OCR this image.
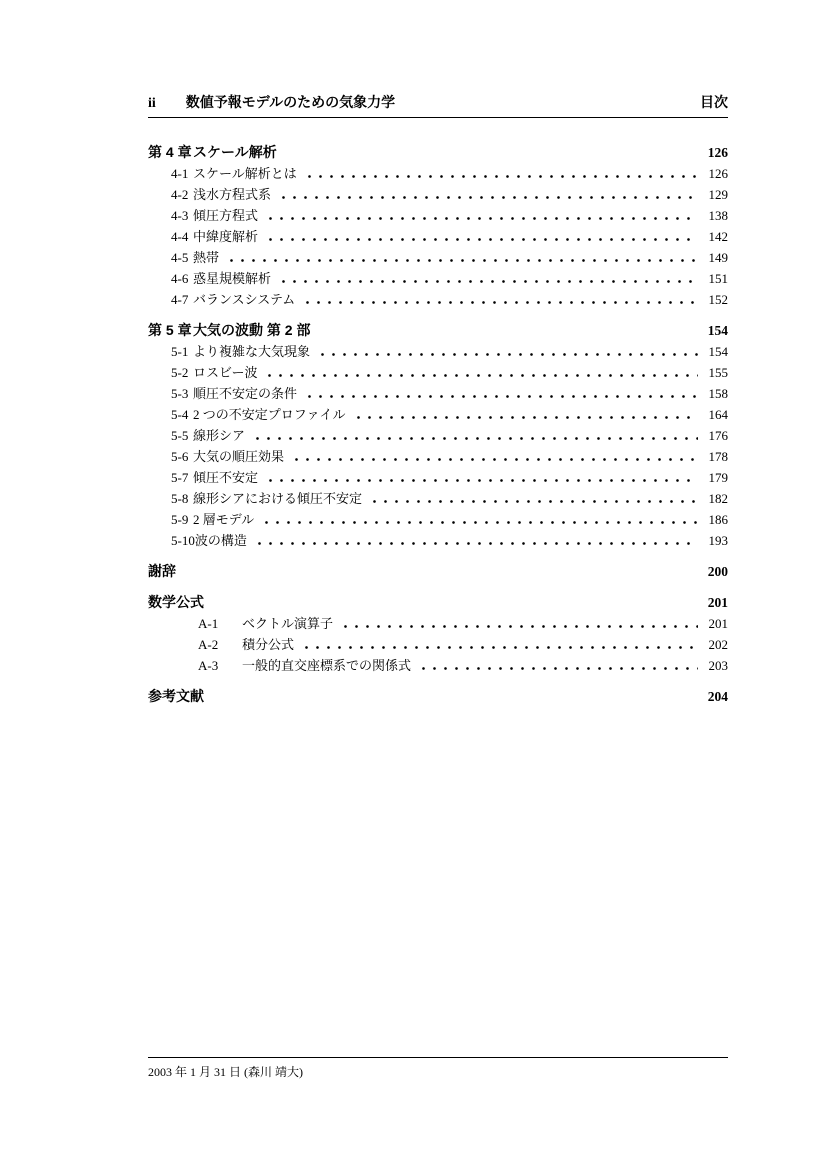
ii 数値予報モデルのための気象力学	目次
第 4 章 スケール解析	126
4-1 スケール解析とは	126
4-2 浅水方程式系	129
4-3 傾圧方程式	138
4-4 中緯度解析	142
4-5 熱帯	149
4-6 惑星規模解析	151
4-7 バランスシステム	152
第 5 章 大気の波動 第 2 部	154
5-1 より複雑な大気現象	154
5-2 ロスビー波	155
5-3 順圧不安定の条件	158
5-4 2 つの不安定プロファイル	164
5-5 線形シア	176
5-6 大気の順圧効果	178
5-7 傾圧不安定	179
5-8 線形シアにおける傾圧不安定	182
5-9 2 層モデル	186
5-10 波の構造	193
謝辞	200
数学公式	201
A-1	ベクトル演算子	201
A-2	積分公式	202
A-3	一般的直交座標系での関係式	203
参考文献	204
2003 年 1 月 31 日 (森川 靖大)
